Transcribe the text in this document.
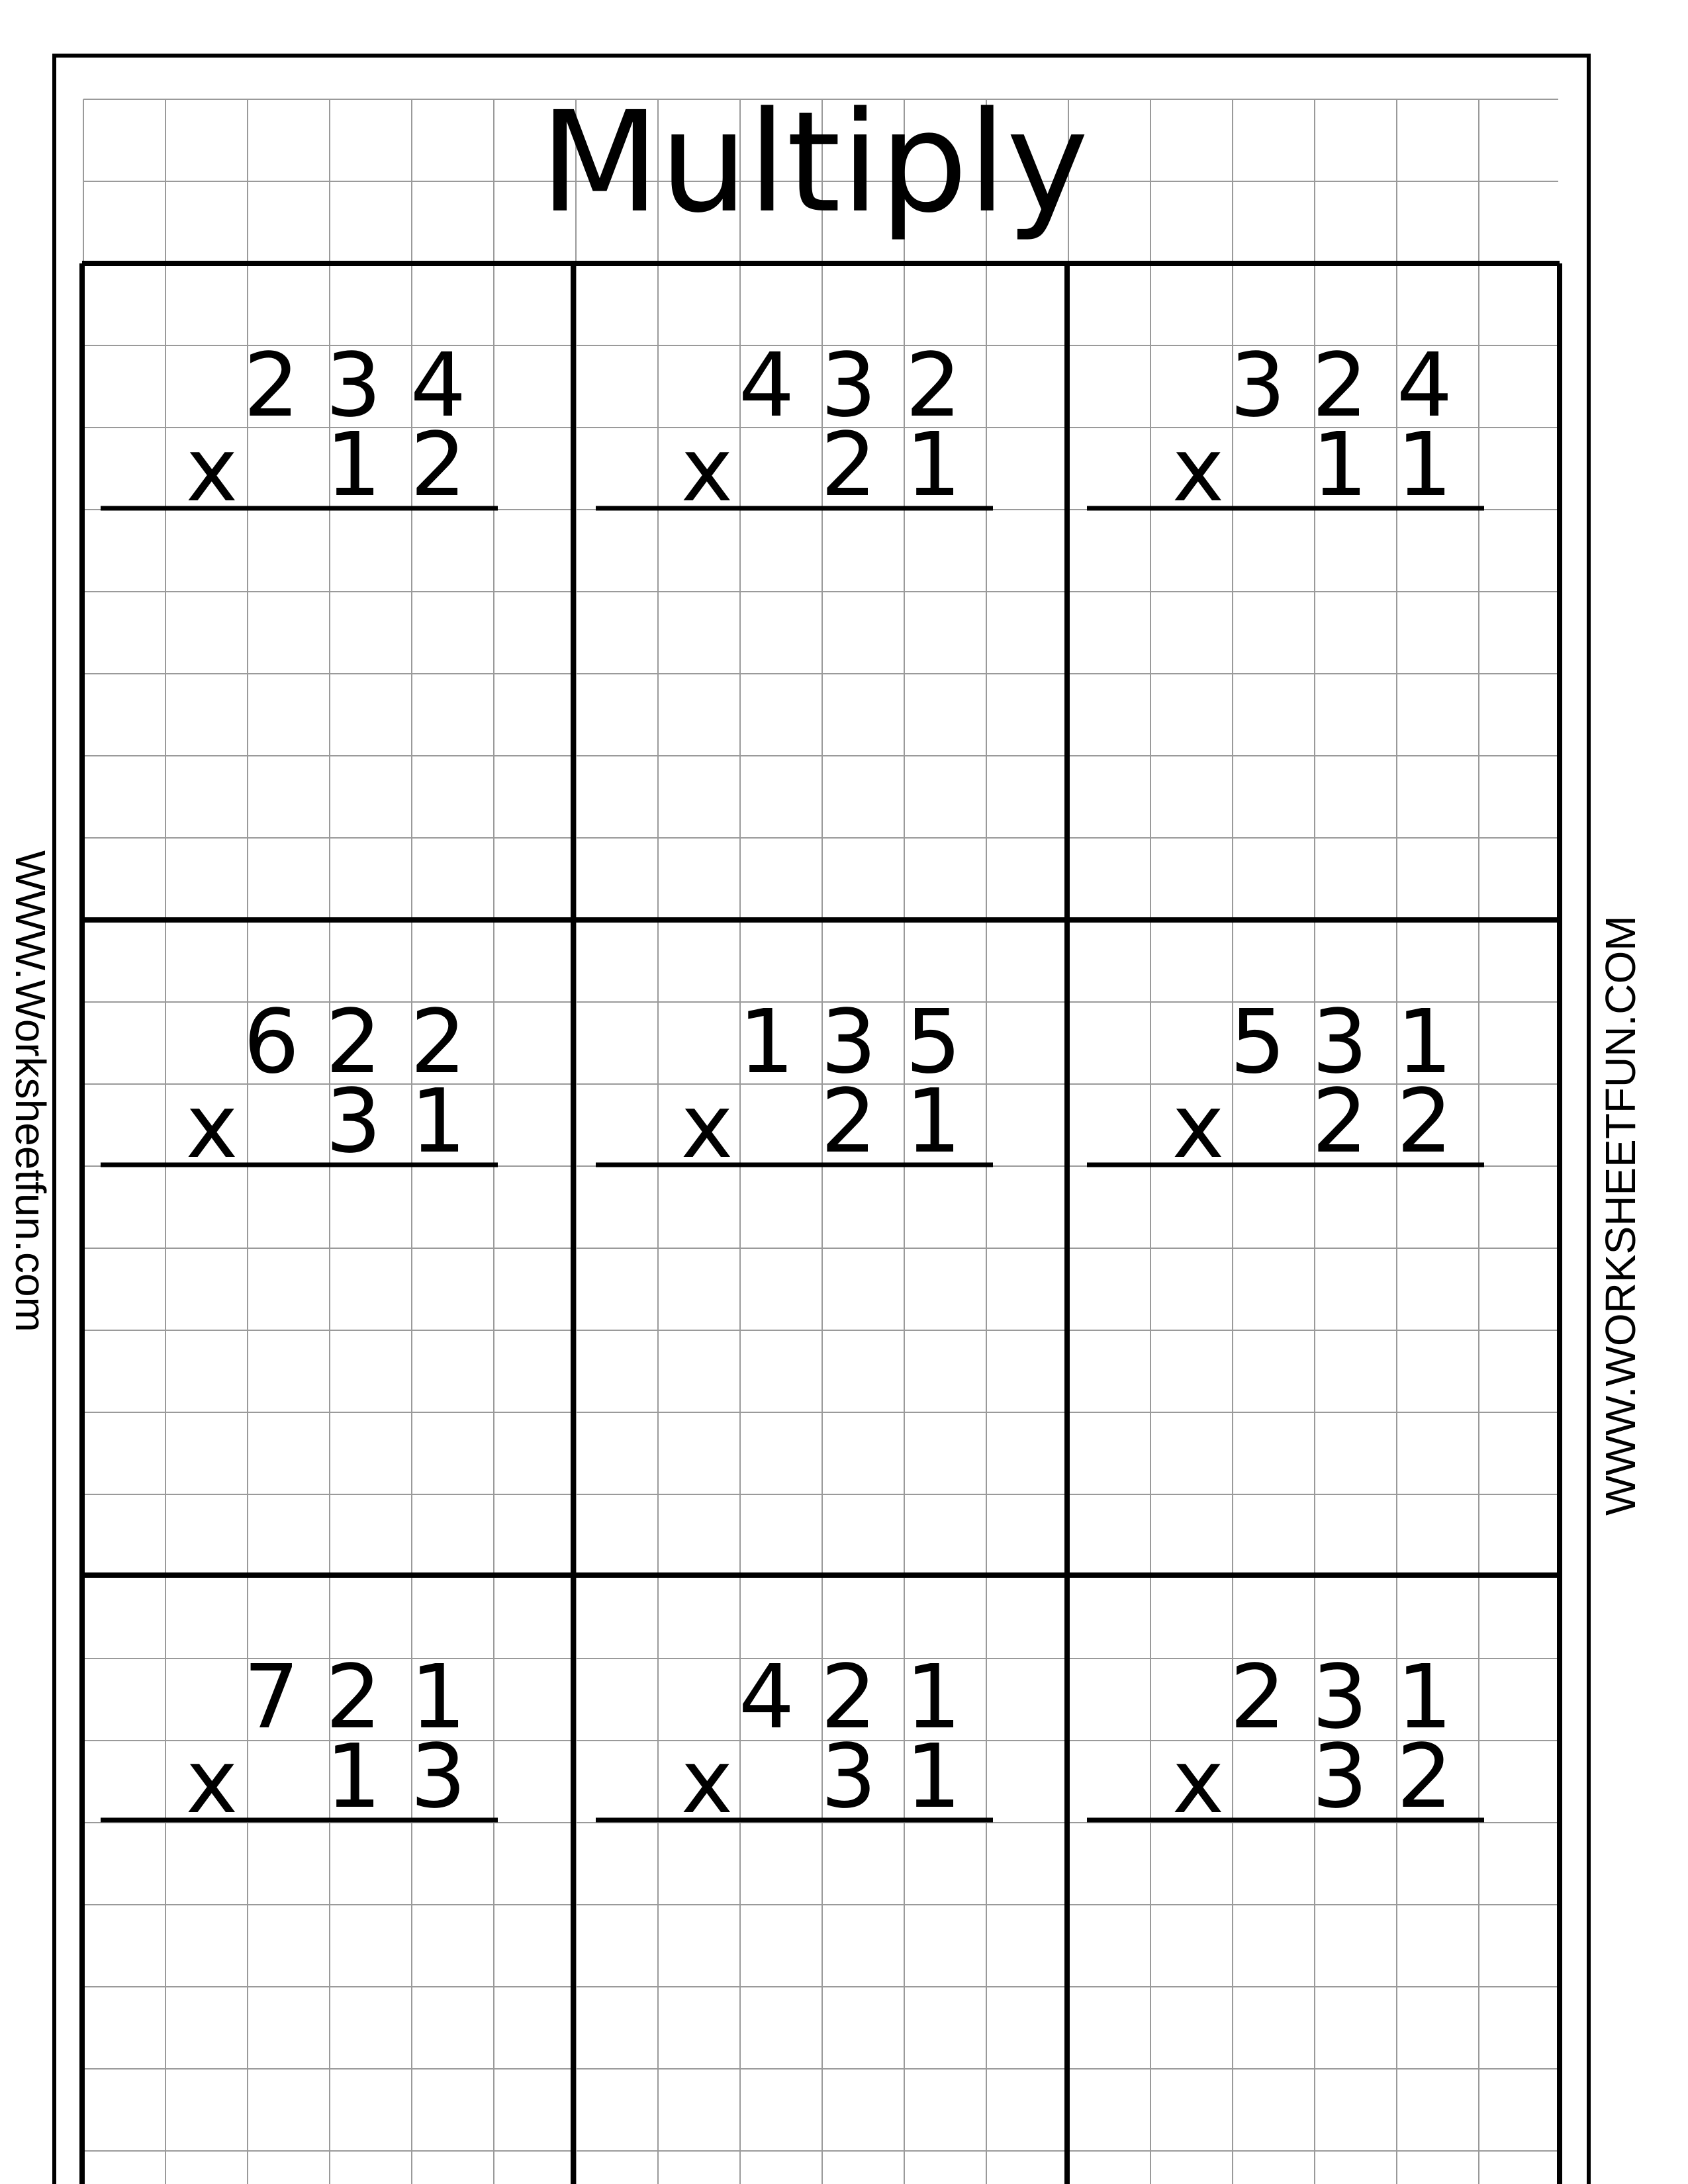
Multiply
2 3 4
x 1 2
4 3 2
x 2 1
3 2 4
x 1 1
6 2 2
x 3 1
1 3 5
x 2 1
5 3 1
x 2 2
7 2 1
x 1 3
4 2 1
x 3 1
2 3 1
x 3 2
WWW.Worksheetfun.com	WWW.WORKSHEETFUN.COM
